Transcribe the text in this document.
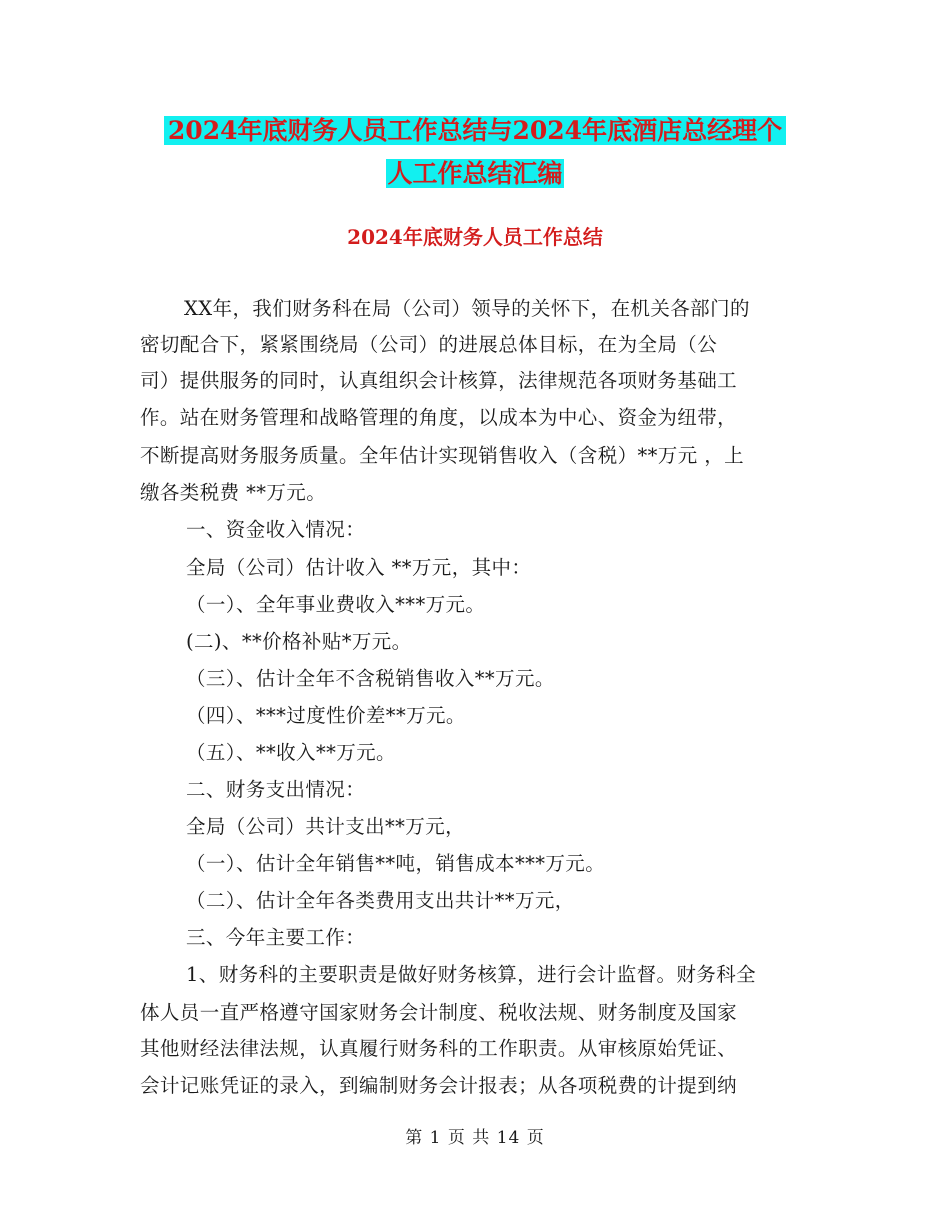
2024年底财务人员工作总结与2024年底酒店总经理个
人工作总结汇编
2024年底财务人员工作总结
XX年，我们财务科在局（公司）领导的关怀下，在机关各部门的
密切配合下，紧紧围绕局（公司）的进展总体目标，在为全局（公
司）提供服务的同时，认真组织会计核算，法律规范各项财务基础工
作。站在财务管理和战略管理的角度，以成本为中心、资金为纽带，
不断提高财务服务质量。全年估计实现销售收入（含税）**万元 ，上
缴各类税费 **万元。
一、资金收入情况：
全局（公司）估计收入 **万元，其中：
（一）、全年事业费收入***万元。
(二)、**价格补贴*万元。
（三）、估计全年不含税销售收入**万元。
（四）、***过度性价差**万元。
（五）、**收入**万元。
二、财务支出情况：
全局（公司）共计支出**万元，
（一）、估计全年销售**吨，销售成本***万元。
（二）、估计全年各类费用支出共计**万元，
三、今年主要工作：
1、财务科的主要职责是做好财务核算，进行会计监督。财务科全
体人员一直严格遵守国家财务会计制度、税收法规、财务制度及国家
其他财经法律法规，认真履行财务科的工作职责。从审核原始凭证、
会计记账凭证的录入，到编制财务会计报表；从各项税费的计提到纳
第 1 页 共 14 页
